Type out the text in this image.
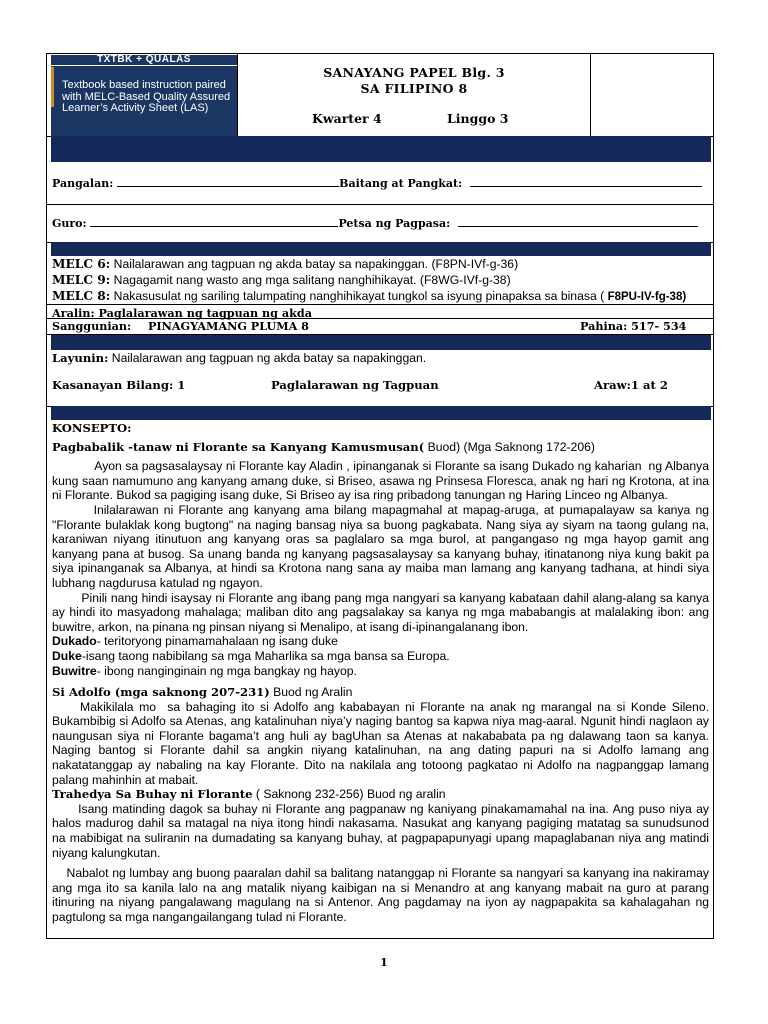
TXTBK + QUALAS
Textbook based instruction paired with MELC-Based Quality Assured Learner’s Activity Sheet (LAS)
SANAYANG PAPEL Blg. 3
SA FILIPINO 8
Kwarter 4	Linggo 3
Pangalan:	Baitang at Pangkat:
Guro:	Petsa ng Pagpasa:
MELC 6: Nailalarawan ang tagpuan ng akda batay sa napakinggan. (F8PN-IVf-g-36)
MELC 9: Nagagamit nang wasto ang mga salitang nanghihikayat. (F8WG-IVf-g-38)
MELC 8: Nakasusulat ng sariling talumpating nanghihikayat tungkol sa isyung pinapaksa sa binasa ( F8PU-IV-fg-38)
Aralin: Paglalarawan ng tagpuan ng akda
Sanggunian: PINAGYAMANG PLUMA 8	Pahina: 517- 534
Layunin: Nailalarawan ang tagpuan ng akda batay sa napakinggan.
Kasanayan Bilang: 1	Paglalarawan ng Tagpuan	Araw:1 at 2

KONSEPTO:

Pagbabalik -tanaw ni Florante sa Kanyang Kamusmusan( Buod) (Mga Saknong 172-206)

Ayon sa pagsasalaysay ni Florante kay Aladin , ipinanganak si Florante sa isang Dukado ng kaharian  ng Albanya kung saan namumuno ang kanyang amang duke, si Briseo, asawa ng Prinsesa Floresca, anak ng hari ng Krotona, at ina ni Florante. Bukod sa pagiging isang duke, Si Briseo ay isa ring pribadong tanungan ng Haring Linceo ng Albanya.

Inilalarawan ni Florante ang kanyang ama bilang mapagmahal at mapag-aruga, at pumapalayaw sa kanya ng "Florante bulaklak kong bugtong" na naging bansag niya sa buong pagkabata. Nang siya ay siyam na taong gulang na, karaniwan niyang itinutuon ang kanyang oras sa paglalaro sa mga burol, at pangangaso ng mga hayop gamit ang kanyang pana at busog. Sa unang banda ng kanyang pagsasalaysay sa kanyang buhay, itinatanong niya kung bakit pa siya ipinanganak sa Albanya, at hindi sa Krotona nang sana ay maiba man lamang ang kanyang tadhana, at hindi siya lubhang nagdurusa katulad ng ngayon.

Pinili nang hindi isaysay ni Florante ang ibang pang mga nangyari sa kanyang kabataan dahil alang-alang sa kanya ay hindi ito masyadong mahalaga; maliban dito ang pagsalakay sa kanya ng mga mababangis at malalaking ibon: ang buwitre, arkon, na pinana ng pinsan niyang si Menalipo, at isang di-ipinangalanang ibon.

Dukado- teritoryong pinamamahalaan ng isang duke

Duke-isang taong nabibilang sa mga Maharlika sa mga bansa sa Europa.

Buwitre- ibong nanginginain ng mga bangkay ng hayop.

Si Adolfo (mga saknong 207-231) Buod ng Aralin

Makikilala mo  sa bahaging ito si Adolfo ang kababayan ni Florante na anak ng marangal na si Konde Sileno. Bukambibig si Adolfo sa Atenas, ang katalinuhan niya’y naging bantog sa kapwa niya mag-aaral. Ngunit hindi naglaon ay naungusan siya ni Florante bagama’t ang huli ay bagUhan sa Atenas at nakababata pa ng dalawang taon sa kanya. Naging bantog si Florante dahil sa angkin niyang katalinuhan, na ang dating papuri na si Adolfo lamang ang nakatatanggap ay nabaling na kay Florante. Dito na nakilala ang totoong pagkatao ni Adolfo na nagpanggap lamang palang mahinhin at mabait.

Trahedya Sa Buhay ni Florante ( Saknong 232-256) Buod ng aralin

Isang matinding dagok sa buhay ni Florante ang pagpanaw ng kaniyang pinakamamahal na ina. Ang puso niya ay halos madurog dahil sa matagal na niya itong hindi nakasama. Nasukat ang kanyang pagiging matatag sa sunudsunod na mabibigat na suliranin na dumadating sa kanyang buhay, at pagpapapunyagi upang mapaglabanan niya ang matindi niyang kalungkutan.

Nabalot ng lumbay ang buong paaralan dahil sa balitang natanggap ni Florante sa nangyari sa kanyang ina nakiramay ang mga ito sa kanila lalo na ang matalik niyang kaibigan na si Menandro at ang kanyang mabait na guro at parang itinuring na niyang pangalawang magulang na si Antenor. Ang pagdamay na iyon ay nagpapakita sa kahalagahan ng pagtulong sa mga nangangailangang tulad ni Florante.

1
